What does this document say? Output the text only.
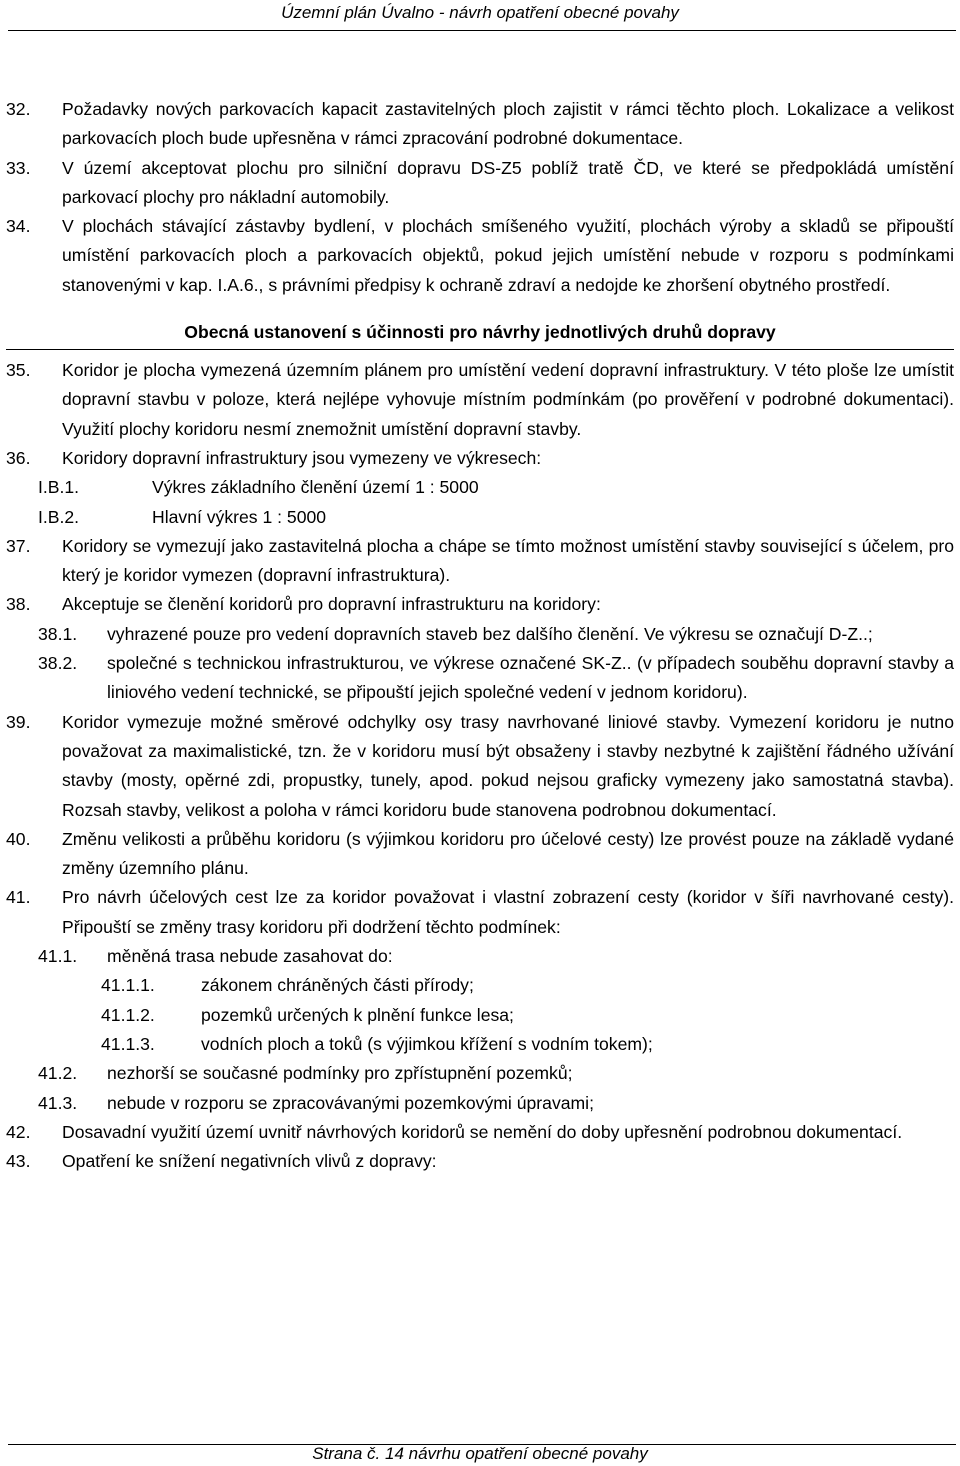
Územní plán Úvalno - návrh opatření obecné povahy
32. Požadavky nových parkovacích kapacit zastavitelných ploch zajistit v rámci těchto ploch. Lokalizace a velikost parkovacích ploch bude upřesněna v rámci zpracování podrobné dokumentace.
33. V území akceptovat plochu pro silniční dopravu DS-Z5 poblíž tratě ČD, ve které se předpokládá umístění parkovací plochy pro nákladní automobily.
34. V plochách stávající zástavby bydlení, v plochách smíšeného využití, plochách výroby a skladů se připouští umístění parkovacích ploch a parkovacích objektů, pokud jejich umístění nebude v rozporu s podmínkami stanovenými v kap. I.A.6., s právními předpisy k ochraně zdraví a nedojde ke zhoršení obytného prostředí.
Obecná ustanovení s účinnosti pro návrhy jednotlivých druhů dopravy
35. Koridor je plocha vymezená územním plánem pro umístění vedení dopravní infrastruktury. V této ploše lze umístit dopravní stavbu v poloze, která nejlépe vyhovuje místním podmínkám (po prověření v podrobné dokumentaci). Využití plochy koridoru nesmí znemožnit umístění dopravní stavby.
36. Koridory dopravní infrastruktury jsou vymezeny ve výkresech:
I.B.1.	Výkres základního členění území 1 : 5000
I.B.2.	Hlavní výkres 1 : 5000
37. Koridory se vymezují jako zastavitelná plocha a chápe se tímto možnost umístění stavby související s účelem, pro který je koridor vymezen (dopravní infrastruktura).
38. Akceptuje se členění koridorů pro dopravní infrastrukturu na koridory:
38.1. vyhrazené pouze pro vedení dopravních staveb bez dalšího členění. Ve výkresu se označují D-Z..;
38.2. společné s technickou infrastrukturou, ve výkrese označené SK-Z.. (v případech souběhu dopravní stavby a liniového vedení technické, se připouští jejich společné vedení v jednom koridoru).
39. Koridor vymezuje možné směrové odchylky osy trasy navrhované liniové stavby. Vymezení koridoru je nutno považovat za maximalistické, tzn. že v koridoru musí být obsaženy i stavby nezbytné k zajištění řádného užívání stavby (mosty, opěrné zdi, propustky, tunely, apod. pokud nejsou graficky vymezeny jako samostatná stavba). Rozsah stavby, velikost a poloha v rámci koridoru bude stanovena podrobnou dokumentací.
40. Změnu velikosti a průběhu koridoru (s výjimkou koridoru pro účelové cesty) lze provést pouze na základě vydané změny územního plánu.
41. Pro návrh účelových cest lze za koridor považovat i vlastní zobrazení cesty (koridor v šíři navrhované cesty). Připouští se změny trasy koridoru při dodržení těchto podmínek:
41.1. měněná trasa nebude zasahovat do:
41.1.1.	zákonem chráněných části přírody;
41.1.2.	pozemků určených k plnění funkce lesa;
41.1.3.	vodních ploch a toků (s výjimkou křížení s vodním tokem);
41.2. nezhorší se současné podmínky pro zpřístupnění pozemků;
41.3. nebude v rozporu se zpracovávanými pozemkovými úpravami;
42. Dosavadní využití území uvnitř návrhových koridorů se nemění do doby upřesnění podrobnou dokumentací.
43. Opatření ke snížení negativních vlivů z dopravy:
Strana č. 14 návrhu opatření obecné povahy
